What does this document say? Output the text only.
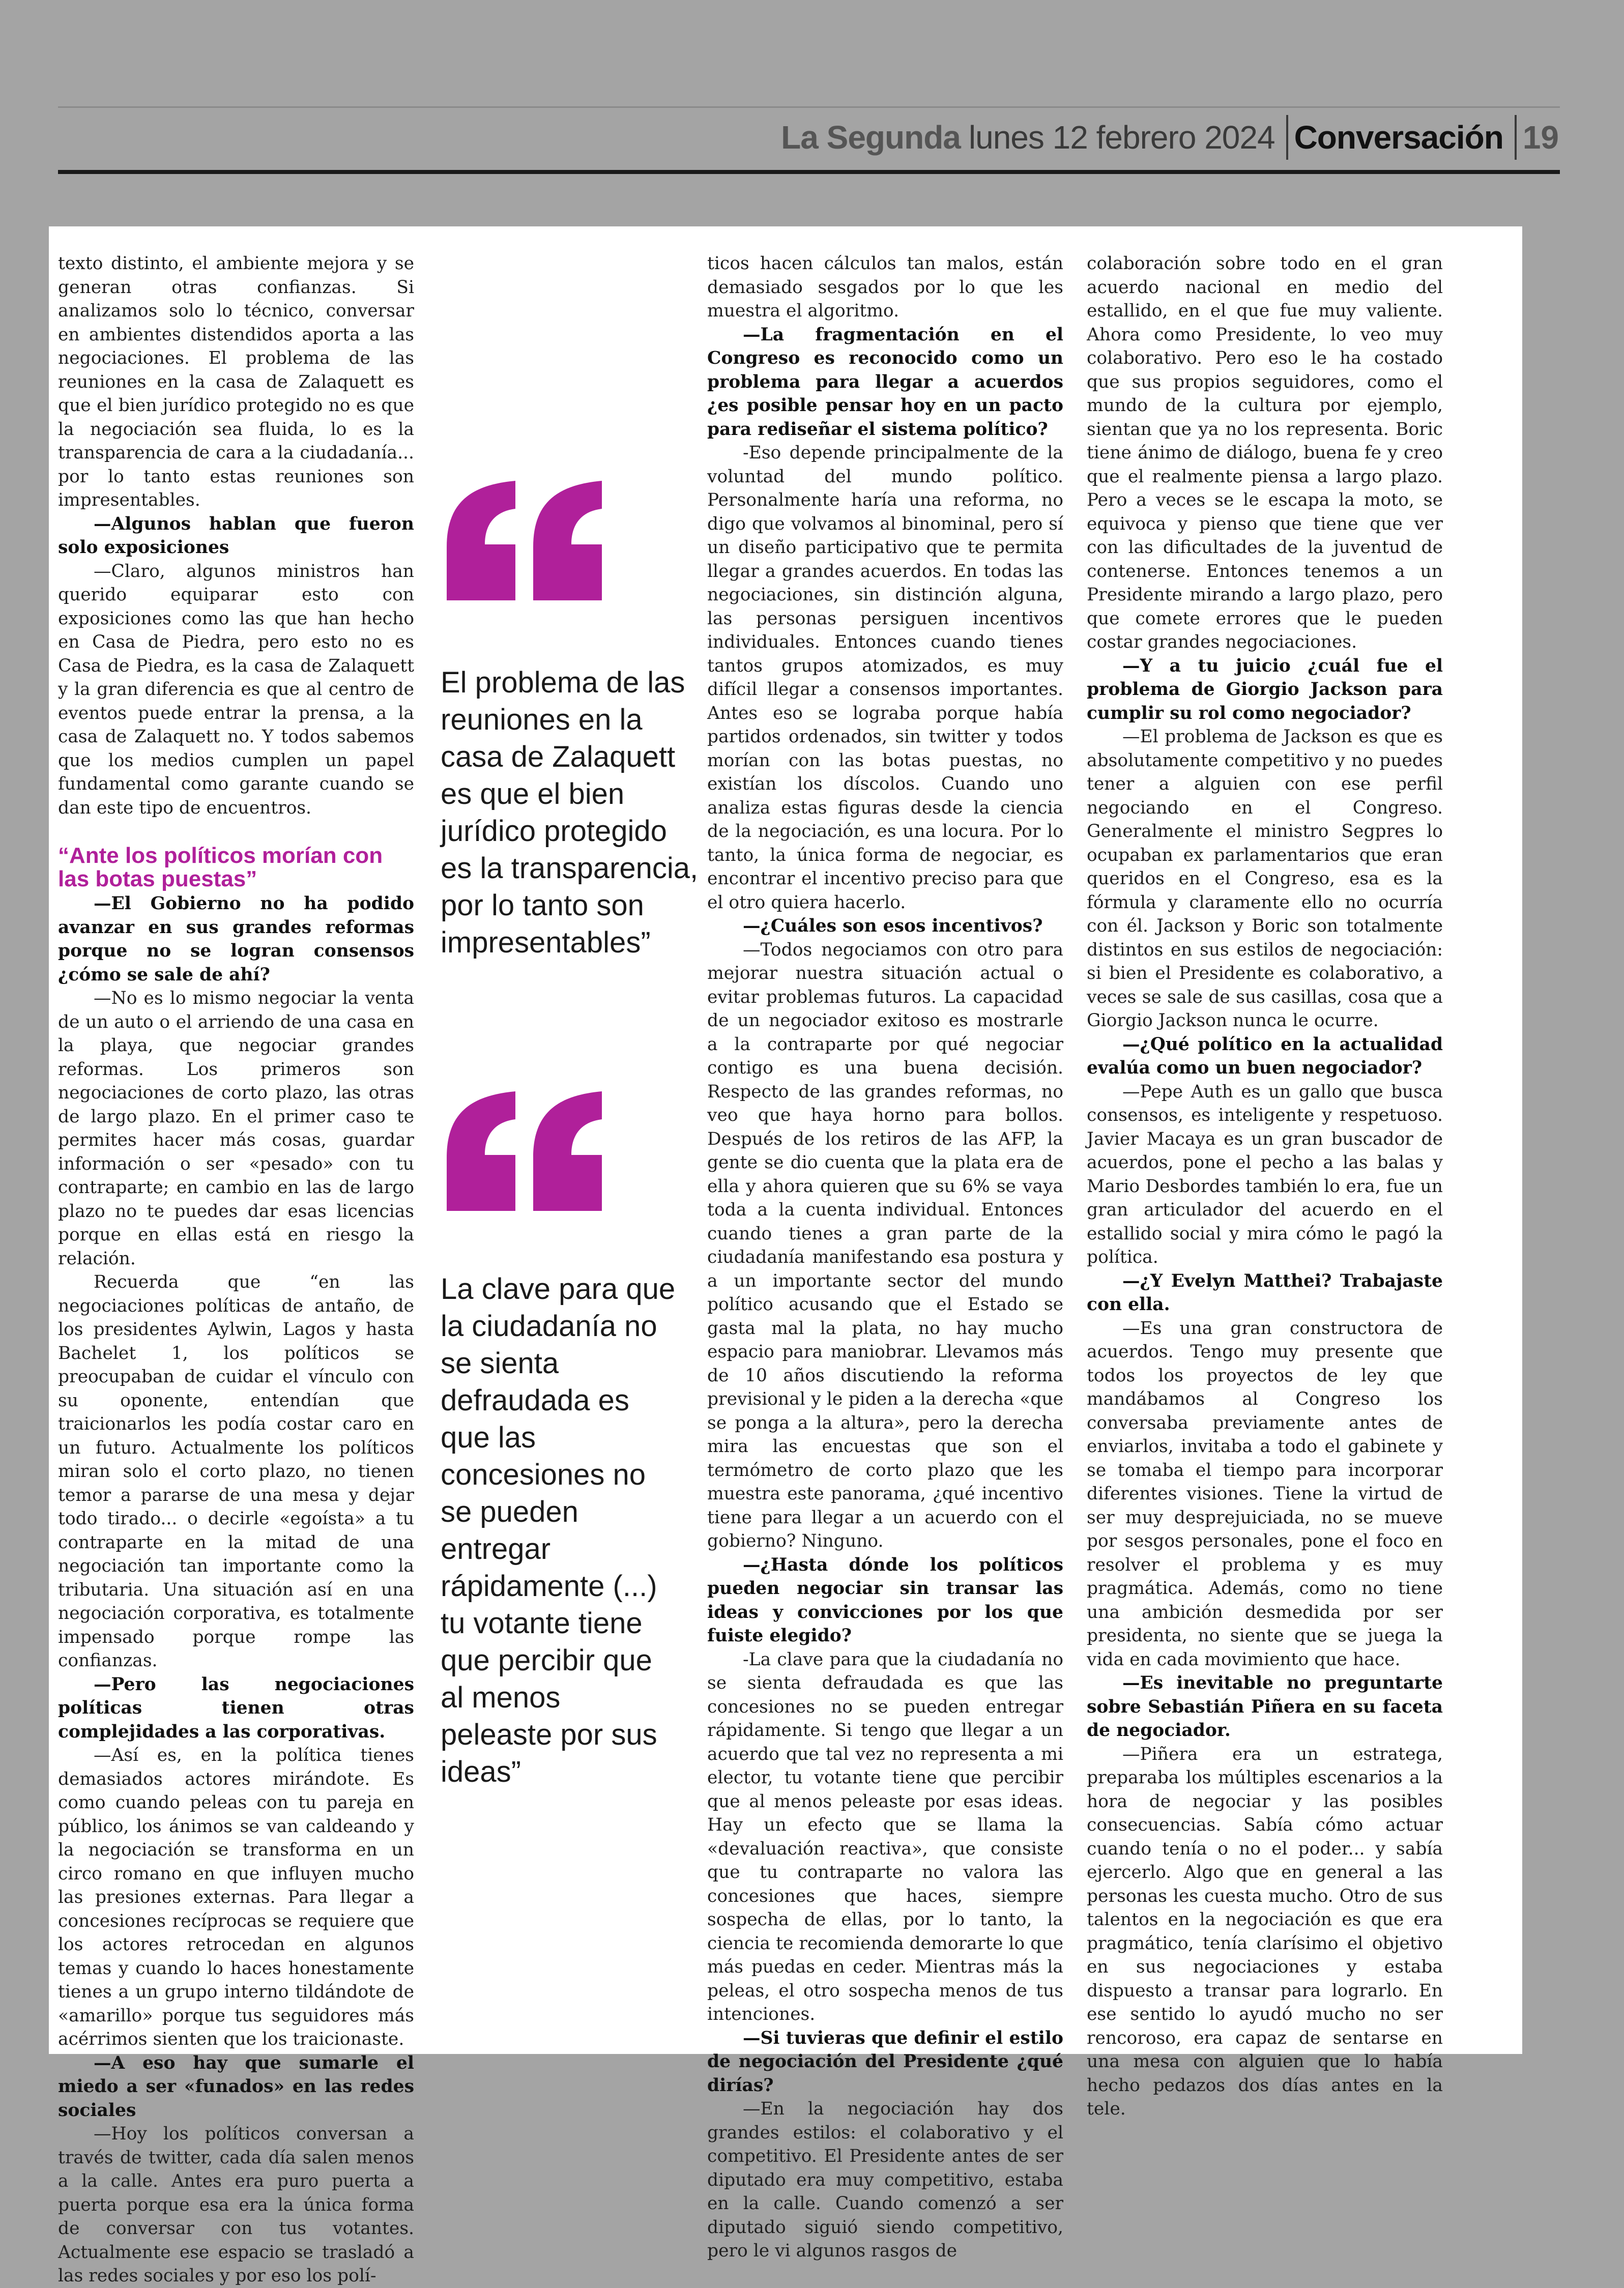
La Segunda lunes 12 febrero 2024 Conversación 19

texto distinto, el ambiente mejora y se generan otras confianzas. Si analizamos solo lo técnico, conversar en ambientes distendidos aporta a las negociaciones. El problema de las reuniones en la casa de Zalaquett es que el bien jurídico protegido no es que la negociación sea fluida, lo es la transparencia de cara a la ciudadanía... por lo tanto estas reuniones son impresentables.

—Algunos hablan que fueron solo exposiciones

—Claro, algunos ministros han querido equiparar esto con exposiciones como las que han hecho en Casa de Piedra, pero esto no es Casa de Piedra, es la casa de Zalaquett y la gran diferencia es que al centro de eventos puede entrar la prensa, a la casa de Zalaquett no. Y todos sabemos que los medios cumplen un papel fundamental como garante cuando se dan este tipo de encuentros.

“Ante los políticos morían con las botas puestas”

—El Gobierno no ha podido avanzar en sus grandes reformas porque no se logran consensos ¿cómo se sale de ahí?

—No es lo mismo negociar la venta de un auto o el arriendo de una casa en la playa, que negociar grandes reformas. Los primeros son negociaciones de corto plazo, las otras de largo plazo. En el primer caso te permites hacer más cosas, guardar información o ser «pesado» con tu contraparte; en cambio en las de largo plazo no te puedes dar esas licencias porque en ellas está en riesgo la relación.

Recuerda que “en las negociaciones políticas de antaño, de los presidentes Aylwin, Lagos y hasta Bachelet 1, los políticos se preocupaban de cuidar el vínculo con su oponente, entendían que traicionarlos les podía costar caro en un futuro. Actualmente los políticos miran solo el corto plazo, no tienen temor a pararse de una mesa y dejar todo tirado... o decirle «egoísta» a tu contraparte en la mitad de una negociación tan importante como la tributaria. Una situación así en una negociación corporativa, es totalmente impensado porque rompe las confianzas.

—Pero las negociaciones políticas tienen otras complejidades a las corporativas.

—Así es, en la política tienes demasiados actores mirándote. Es como cuando peleas con tu pareja en público, los ánimos se van caldeando y la negociación se transforma en un circo romano en que influyen mucho las presiones externas. Para llegar a concesiones recíprocas se requiere que los actores retrocedan en algunos temas y cuando lo haces honestamente tienes a un grupo interno tildándote de «amarillo» porque tus seguidores más acérrimos sienten que los traicionaste.

—A eso hay que sumarle el miedo a ser «funados» en las redes sociales

—Hoy los políticos conversan a través de twitter, cada día salen menos a la calle. Antes era puro puerta a puerta porque esa era la única forma de conversar con tus votantes. Actualmente ese espacio se trasladó a las redes sociales y por eso los polí-

ticos hacen cálculos tan malos, están demasiado sesgados por lo que les muestra el algoritmo.

—La fragmentación en el Congreso es reconocido como un problema para llegar a acuerdos ¿es posible pensar hoy en un pacto para rediseñar el sistema político?

-Eso depende principalmente de la voluntad del mundo político. Personalmente haría una reforma, no digo que volvamos al binominal, pero sí un diseño participativo que te permita llegar a grandes acuerdos. En todas las negociaciones, sin distinción alguna, las personas persiguen incentivos individuales. Entonces cuando tienes tantos grupos atomizados, es muy difícil llegar a consensos importantes. Antes eso se lograba porque había partidos ordenados, sin twitter y todos morían con las botas puestas, no existían los díscolos. Cuando uno analiza estas figuras desde la ciencia de la negociación, es una locura. Por lo tanto, la única forma de negociar, es encontrar el incentivo preciso para que el otro quiera hacerlo.

—¿Cuáles son esos incentivos?

—Todos negociamos con otro para mejorar nuestra situación actual o evitar problemas futuros. La capacidad de un negociador exitoso es mostrarle a la contraparte por qué negociar contigo es una buena decisión. Respecto de las grandes reformas, no veo que haya horno para bollos. Después de los retiros de las AFP, la gente se dio cuenta que la plata era de ella y ahora quieren que su 6% se vaya toda a la cuenta individual. Entonces cuando tienes a gran parte de la ciudadanía manifestando esa postura y a un importante sector del mundo político acusando que el Estado se gasta mal la plata, no hay mucho espacio para maniobrar. Llevamos más de 10 años discutiendo la reforma previsional y le piden a la derecha «que se ponga a la altura», pero la derecha mira las encuestas que son el termómetro de corto plazo que les muestra este panorama, ¿qué incentivo tiene para llegar a un acuerdo con el gobierno? Ninguno.

—¿Hasta dónde los políticos pueden negociar sin transar las ideas y convicciones por los que fuiste elegido?

-La clave para que la ciudadanía no se sienta defraudada es que las concesiones no se pueden entregar rápidamente. Si tengo que llegar a un acuerdo que tal vez no representa a mi elector, tu votante tiene que percibir que al menos peleaste por esas ideas. Hay un efecto que se llama la «devaluación reactiva», que consiste que tu contraparte no valora las concesiones que haces, siempre sospecha de ellas, por lo tanto, la ciencia te recomienda demorarte lo que más puedas en ceder. Mientras más la peleas, el otro sospecha menos de tus intenciones.

—Si tuvieras que definir el estilo de negociación del Presidente ¿qué dirías?

—En la negociación hay dos grandes estilos: el colaborativo y el competitivo. El Presidente antes de ser diputado era muy competitivo, estaba en la calle. Cuando comenzó a ser diputado siguió siendo competitivo, pero le vi algunos rasgos de

colaboración sobre todo en el gran acuerdo nacional en medio del estallido, en el que fue muy valiente. Ahora como Presidente, lo veo muy colaborativo. Pero eso le ha costado que sus propios seguidores, como el mundo de la cultura por ejemplo, sientan que ya no los representa. Boric tiene ánimo de diálogo, buena fe y creo que el realmente piensa a largo plazo. Pero a veces se le escapa la moto, se equivoca y pienso que tiene que ver con las dificultades de la juventud de contenerse. Entonces tenemos a un Presidente mirando a largo plazo, pero que comete errores que le pueden costar grandes negociaciones.

—Y a tu juicio ¿cuál fue el problema de Giorgio Jackson para cumplir su rol como negociador?

—El problema de Jackson es que es absolutamente competitivo y no puedes tener a alguien con ese perfil negociando en el Congreso. Generalmente el ministro Segpres lo ocupaban ex parlamentarios que eran queridos en el Congreso, esa es la fórmula y claramente ello no ocurría con él. Jackson y Boric son totalmente distintos en sus estilos de negociación: si bien el Presidente es colaborativo, a veces se sale de sus casillas, cosa que a Giorgio Jackson nunca le ocurre.

—¿Qué político en la actualidad evalúa como un buen negociador?

—Pepe Auth es un gallo que busca consensos, es inteligente y respetuoso. Javier Macaya es un gran buscador de acuerdos, pone el pecho a las balas y Mario Desbordes también lo era, fue un gran articulador del acuerdo en el estallido social y mira cómo le pagó la política.

—¿Y Evelyn Matthei? Trabajaste con ella.

—Es una gran constructora de acuerdos. Tengo muy presente que todos los proyectos de ley que mandábamos al Congreso los conversaba previamente antes de enviarlos, invitaba a todo el gabinete y se tomaba el tiempo para incorporar diferentes visiones. Tiene la virtud de ser muy desprejuiciada, no se mueve por sesgos personales, pone el foco en resolver el problema y es muy pragmática. Además, como no tiene una ambición desmedida por ser presidenta, no siente que se juega la vida en cada movimiento que hace.

—Es inevitable no preguntarte sobre Sebastián Piñera en su faceta de negociador.

—Piñera era un estratega, preparaba los múltiples escenarios a la hora de negociar y las posibles consecuencias. Sabía cómo actuar cuando tenía o no el poder... y sabía ejercerlo. Algo que en general a las personas les cuesta mucho. Otro de sus talentos en la negociación es que era pragmático, tenía clarísimo el objetivo en sus negociaciones y estaba dispuesto a transar para lograrlo. En ese sentido lo ayudó mucho no ser rencoroso, era capaz de sentarse en una mesa con alguien que lo había hecho pedazos dos días antes en la tele.

El problema de las reuniones en la casa de Zalaquett es que el bien jurídico protegido es la transparencia, por lo tanto son impresentables”
La clave para que la ciudadanía no se sienta defraudada es que las concesiones no se pueden entregar rápidamente (...) tu votante tiene que percibir que al menos peleaste por sus ideas”
